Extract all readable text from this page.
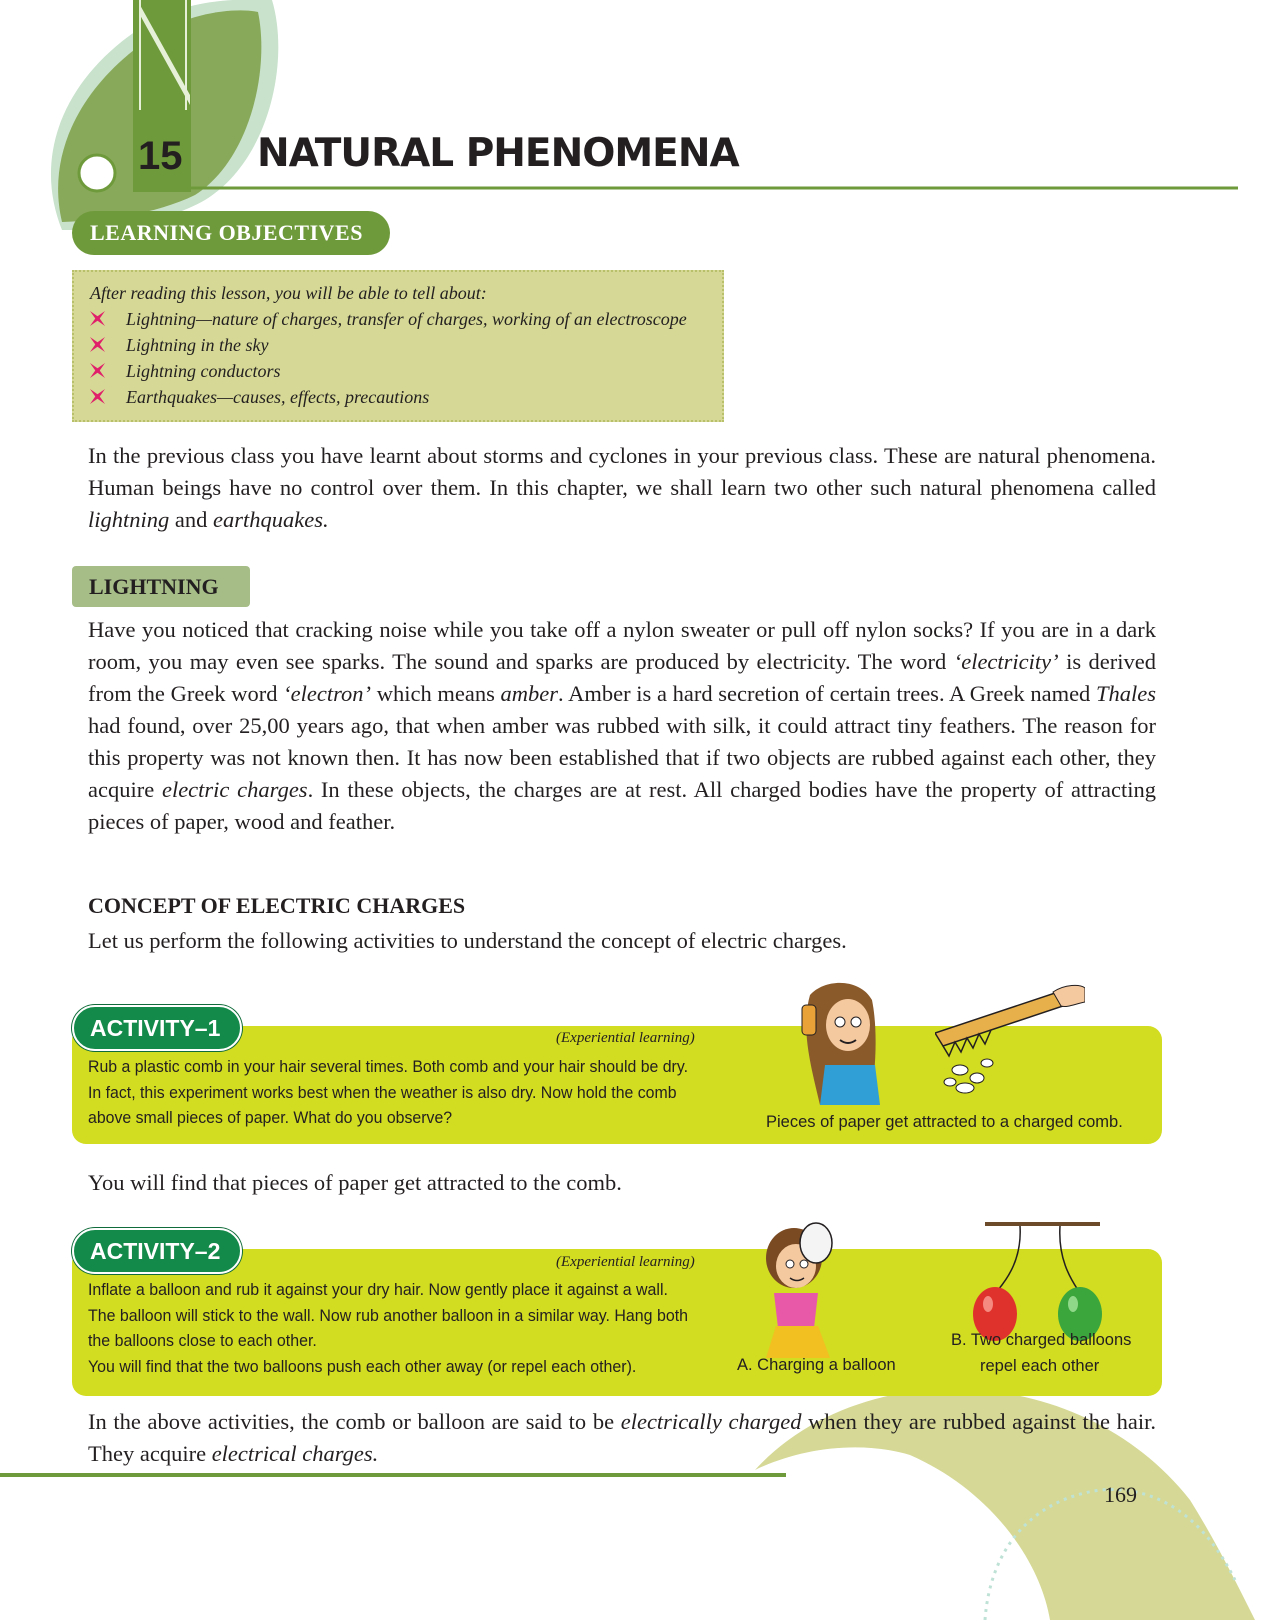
15 NATURAL PHENOMENA
LEARNING OBJECTIVES
After reading this lesson, you will be able to tell about:
Lightning—nature of charges, transfer of charges, working of an electroscope
Lightning in the sky
Lightning conductors
Earthquakes—causes, effects, precautions

In the previous class you have learnt about storms and cyclones in your previous class. These are natural phenomena. Human beings have no control over them. In this chapter, we shall learn two other such natural phenomena called lightning and earthquakes.

LIGHTNING

Have you noticed that cracking noise while you take off a nylon sweater or pull off nylon socks? If you are in a dark room, you may even see sparks. The sound and sparks are produced by electricity. The word ‘electricity’ is derived from the Greek word ‘electron’ which means amber. Amber is a hard secretion of certain trees. A Greek named Thales had found, over 25,00 years ago, that when amber was rubbed with silk, it could attract tiny feathers. The reason for this property was not known then. It has now been established that if two objects are rubbed against each other, they acquire electric charges. In these objects, the charges are at rest. All charged bodies have the property of attracting pieces of paper, wood and feather.

CONCEPT OF ELECTRIC CHARGES
Let us perform the following activities to understand the concept of electric charges.
ACTIVITY–1	(Experiential learning)
Rub a plastic comb in your hair several times. Both comb and your hair should be dry.
In fact, this experiment works best when the weather is also dry. Now hold the comb
above small pieces of paper. What do you observe?	Pieces of paper get attracted to a charged comb.
You will find that pieces of paper get attracted to the comb.
ACTIVITY–2	(Experiential learning)
Inflate a balloon and rub it against your dry hair. Now gently place it against a wall.
The balloon will stick to the wall. Now rub another balloon in a similar way. Hang both
the balloons close to each other.
You will find that the two balloons push each other away (or repel each other).	A. Charging a balloon
B. Two charged balloons
repel each other

In the above activities, the comb or balloon are said to be electrically charged when they are rubbed against the hair. They acquire electrical charges.

169
